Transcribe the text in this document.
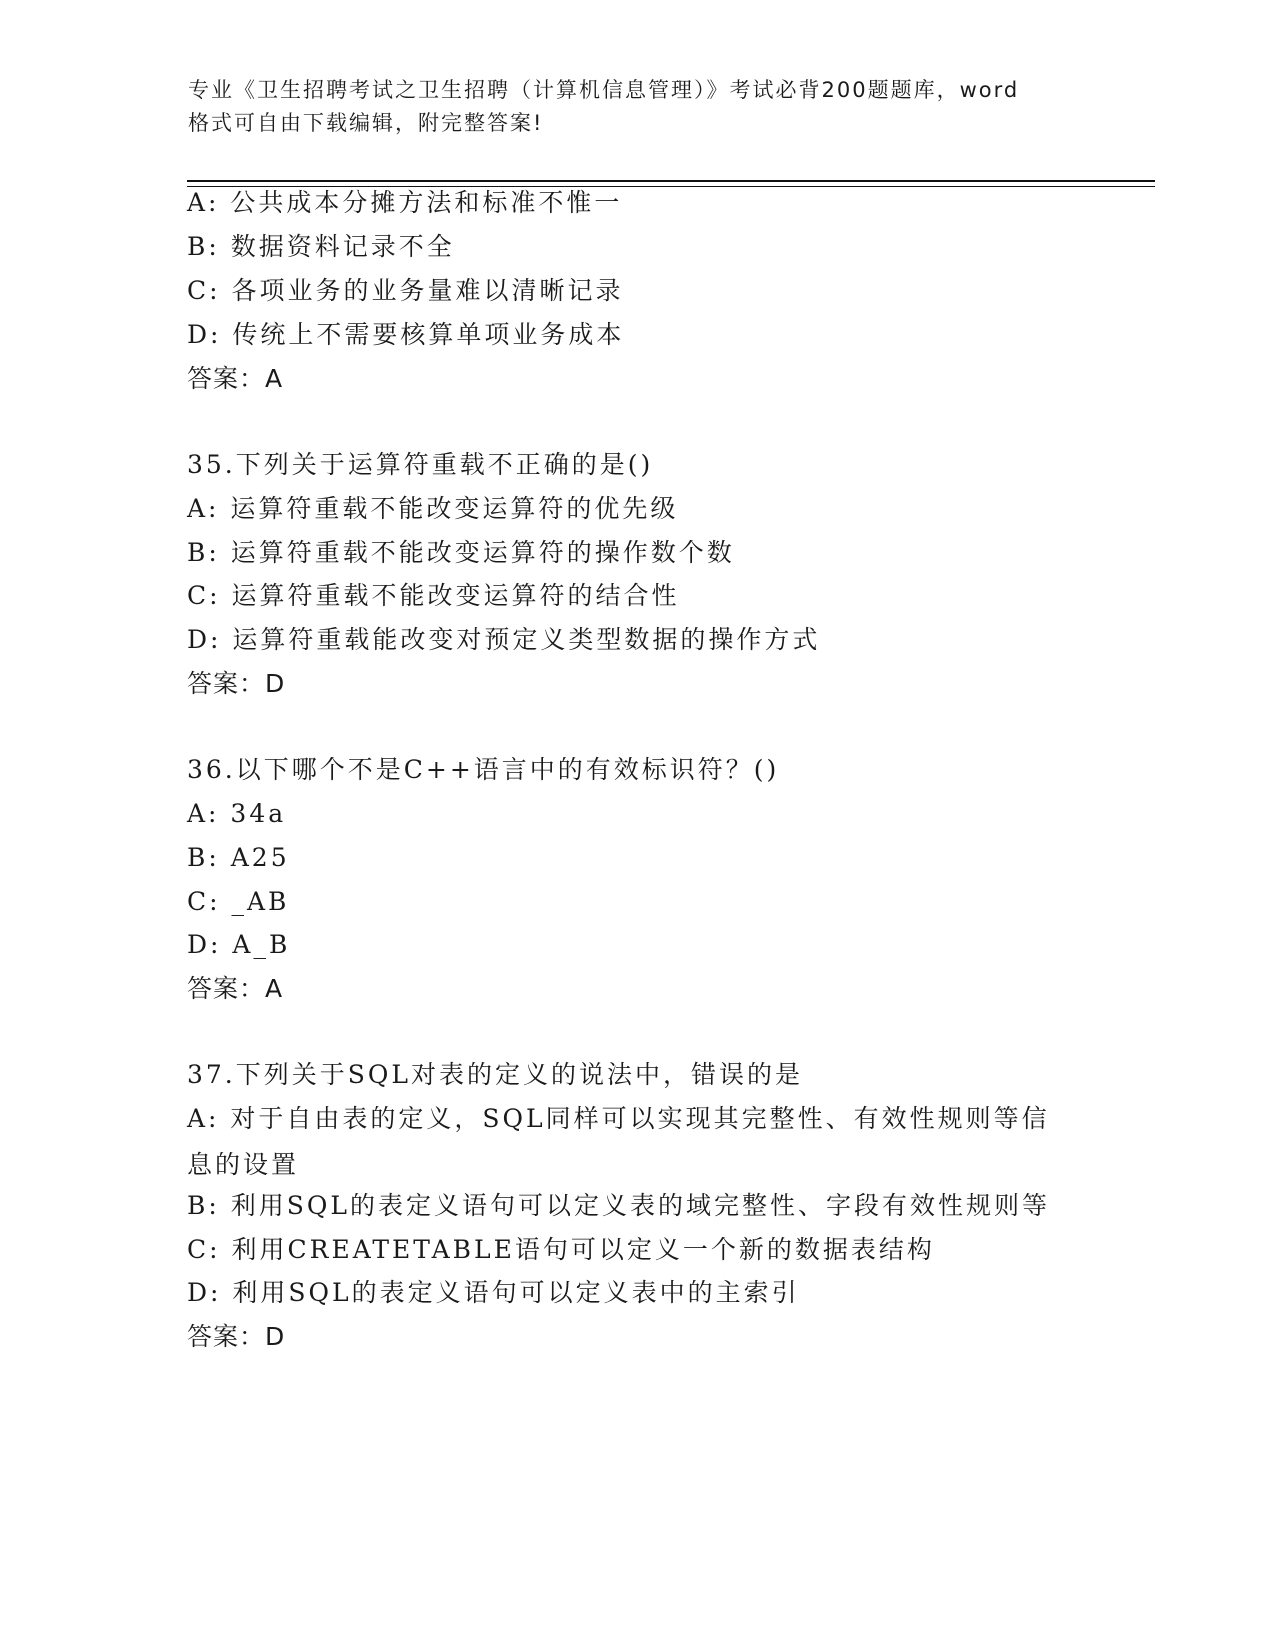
专业《卫生招聘考试之卫生招聘（计算机信息管理）》考试必背200题题库，word
格式可自由下载编辑，附完整答案!
A: 公共成本分摊方法和标准不惟一
B: 数据资料记录不全
C: 各项业务的业务量难以清晰记录
D: 传统上不需要核算单项业务成本
答案：A
35.下列关于运算符重载不正确的是()
A: 运算符重载不能改变运算符的优先级
B: 运算符重载不能改变运算符的操作数个数
C: 运算符重载不能改变运算符的结合性
D: 运算符重载能改变对预定义类型数据的操作方式
答案：D
36.以下哪个不是C++语言中的有效标识符？()
A: 34a
B: A25
C: _AB
D: A_B
答案：A
37.下列关于SQL对表的定义的说法中，错误的是
A: 对于自由表的定义，SQL同样可以实现其完整性、有效性规则等信息的设置
B: 利用SQL的表定义语句可以定义表的域完整性、字段有效性规则等
C: 利用CREATETABLE语句可以定义一个新的数据表结构
D: 利用SQL的表定义语句可以定义表中的主索引
答案：D
